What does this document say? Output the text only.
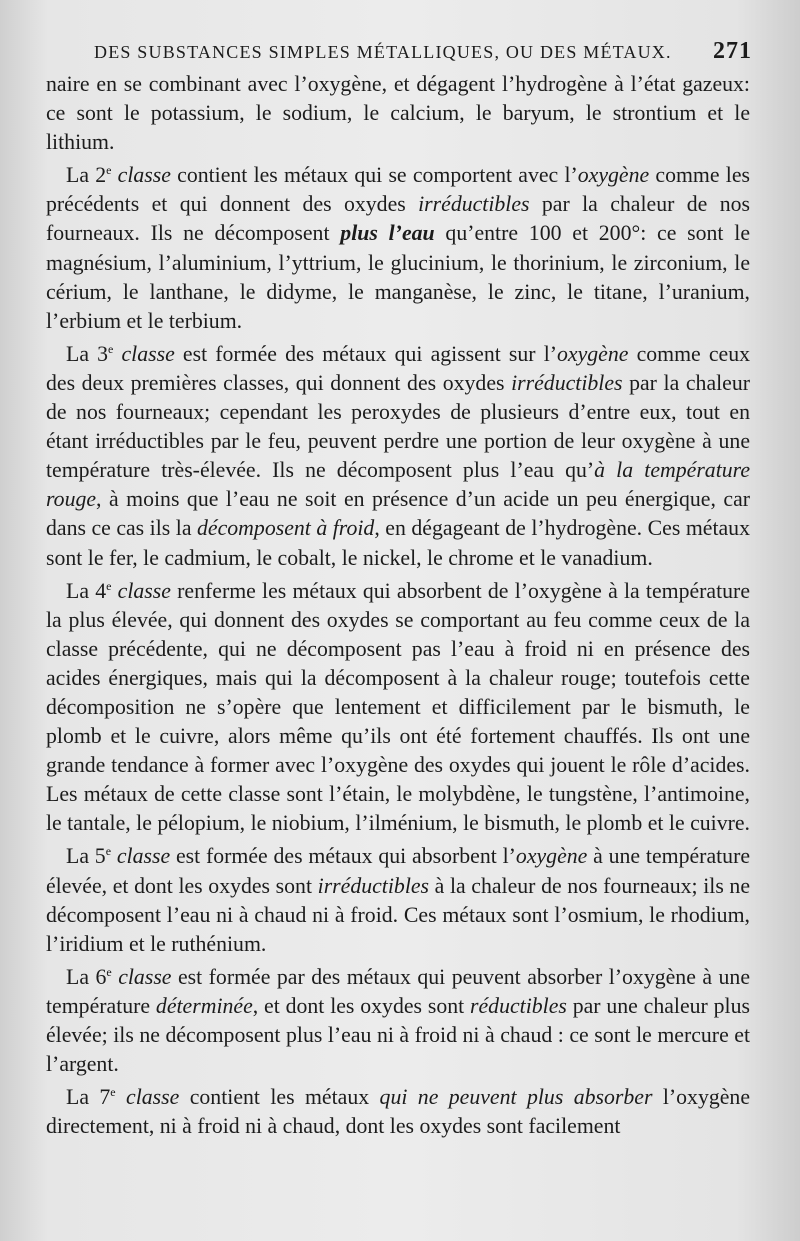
DES SUBSTANCES SIMPLES MÉTALLIQUES, OU DES MÉTAUX. 271

naire en se combinant avec l’oxygène, et dégagent l’hydrogène à l’état gazeux: ce sont le potassium, le sodium, le calcium, le baryum, le strontium et le lithium.

La 2e classe contient les métaux qui se comportent avec l’oxygène comme les précédents et qui donnent des oxydes irréductibles par la chaleur de nos fourneaux. Ils ne décomposent plus l’eau qu’entre 100 et 200°: ce sont le magnésium, l’aluminium, l’yttrium, le glucinium, le thorinium, le zirconium, le cérium, le lanthane, le didyme, le manganèse, le zinc, le titane, l’uranium, l’erbium et le terbium.

La 3e classe est formée des métaux qui agissent sur l’oxygène comme ceux des deux premières classes, qui donnent des oxydes irréductibles par la chaleur de nos fourneaux; cependant les peroxydes de plusieurs d’entre eux, tout en étant irréductibles par le feu, peuvent perdre une portion de leur oxygène à une température très-élevée. Ils ne décomposent plus l’eau qu’à la température rouge, à moins que l’eau ne soit en présence d’un acide un peu énergique, car dans ce cas ils la décomposent à froid, en dégageant de l’hydrogène. Ces métaux sont le fer, le cadmium, le cobalt, le nickel, le chrome et le vanadium.

La 4e classe renferme les métaux qui absorbent de l’oxygène à la température la plus élevée, qui donnent des oxydes se comportant au feu comme ceux de la classe précédente, qui ne décomposent pas l’eau à froid ni en présence des acides énergiques, mais qui la décomposent à la chaleur rouge; toutefois cette décomposition ne s’opère que lentement et difficilement par le bismuth, le plomb et le cuivre, alors même qu’ils ont été fortement chauffés. Ils ont une grande tendance à former avec l’oxygène des oxydes qui jouent le rôle d’acides. Les métaux de cette classe sont l’étain, le molybdène, le tungstène, l’antimoine, le tantale, le pélopium, le niobium, l’ilménium, le bismuth, le plomb et le cuivre.

La 5e classe est formée des métaux qui absorbent l’oxygène à une température élevée, et dont les oxydes sont irréductibles à la chaleur de nos fourneaux; ils ne décomposent l’eau ni à chaud ni à froid. Ces métaux sont l’osmium, le rhodium, l’iridium et le ruthénium.

La 6e classe est formée par des métaux qui peuvent absorber l’oxygène à une température déterminée, et dont les oxydes sont réductibles par une chaleur plus élevée; ils ne décomposent plus l’eau ni à froid ni à chaud : ce sont le mercure et l’argent.

La 7e classe contient les métaux qui ne peuvent plus absorber l’oxygène directement, ni à froid ni à chaud, dont les oxydes sont facilement
